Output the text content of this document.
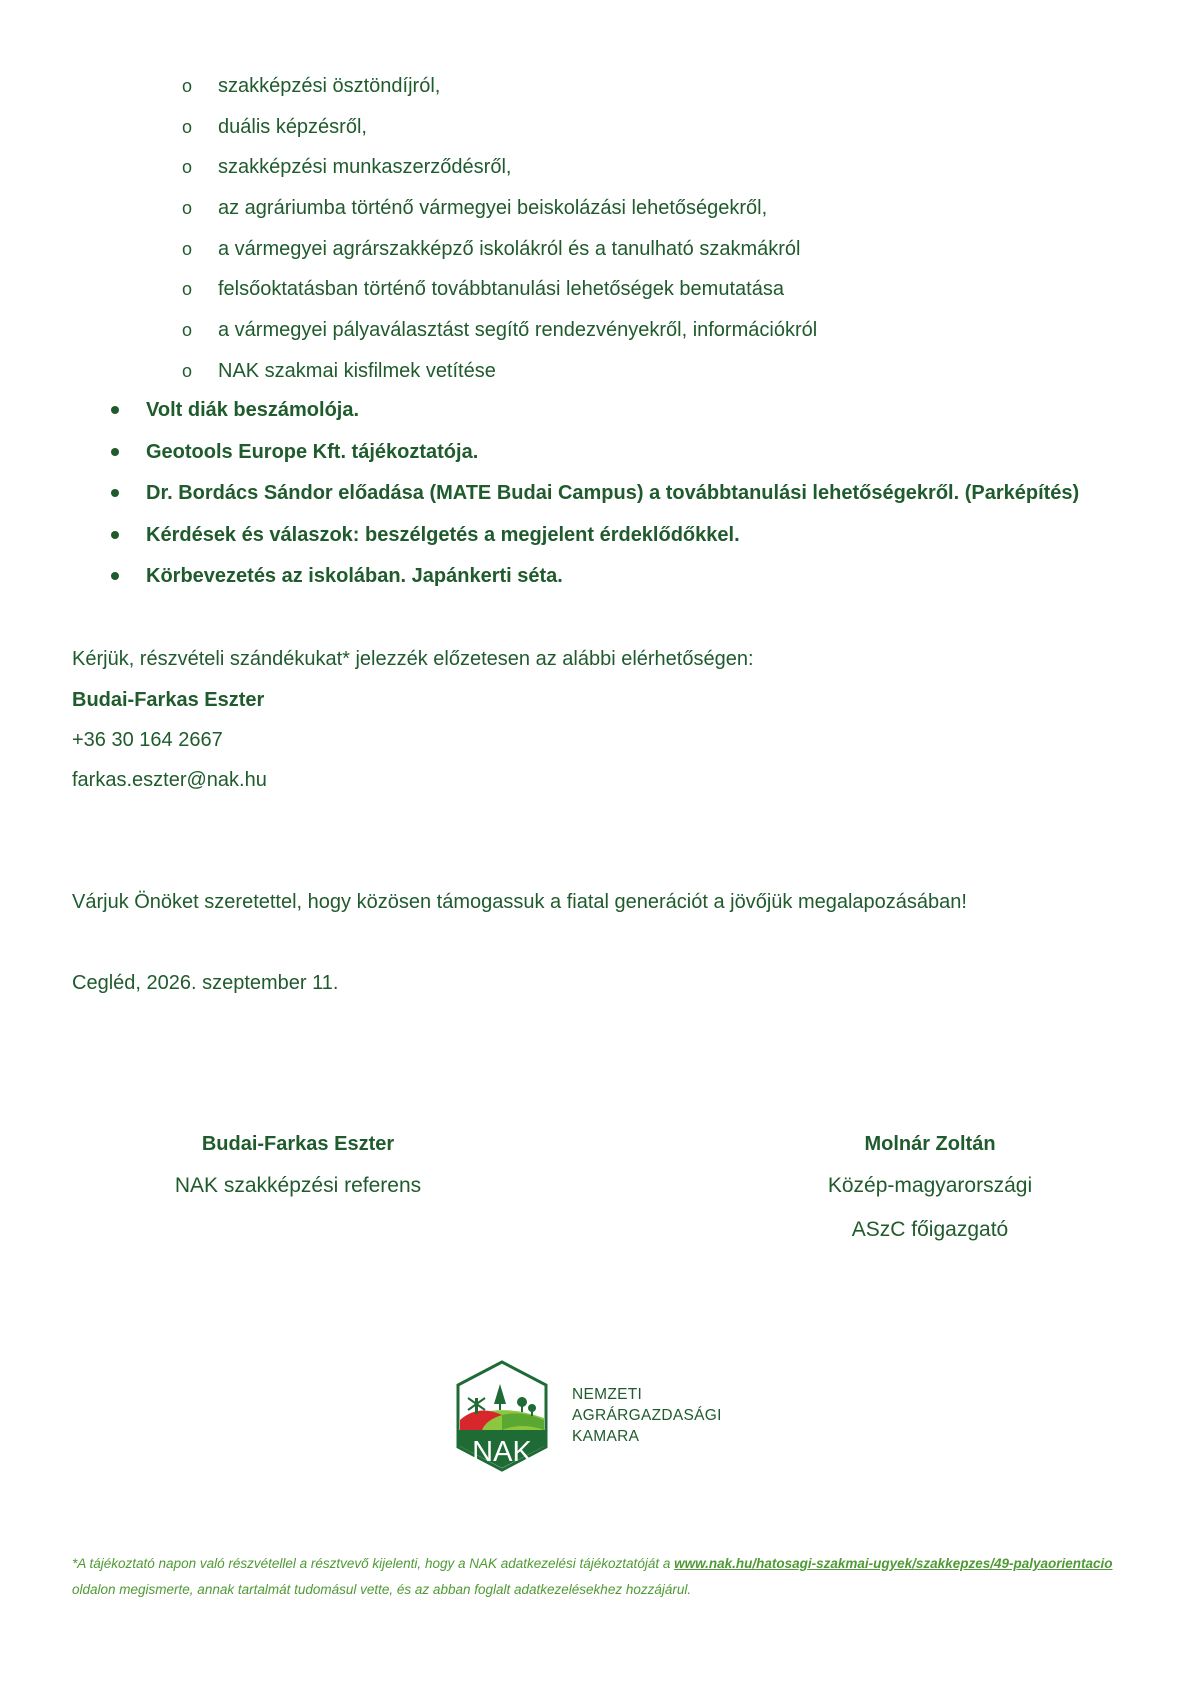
o szakképzési ösztöndíjról,
o duális képzésről,
o szakképzési munkaszerződésről,
o az agráriumba történő vármegyei beiskolázási lehetőségekről,
o a vármegyei agrárszakképző iskolákról és a tanulható szakmákról
o felsőoktatásban történő továbbtanulási lehetőségek bemutatása
o a vármegyei pályaválasztást segítő rendezvényekről, információkról
o NAK szakmai kisfilmek vetítése
Volt diák beszámolója.
Geotools Europe Kft. tájékoztatója.
Dr. Bordács Sándor előadása (MATE Budai Campus) a továbbtanulási lehetőségekről. (Parképítés)
Kérdések és válaszok: beszélgetés a megjelent érdeklődőkkel.
Körbevezetés az iskolában. Japánkerti séta.
Kérjük, részvételi szándékukat* jelezzék előzetesen az alábbi elérhetőségen:
Budai-Farkas Eszter
+36 30 164 2667
farkas.eszter@nak.hu
Várjuk Önöket szeretettel, hogy közösen támogassuk a fiatal generációt a jövőjük megalapozásában!
Cegléd, 2026. szeptember 11.
Budai-Farkas Eszter
NAK szakképzési referens
Molnár Zoltán
Közép-magyarországi
ASzC főigazgató
NAK
NEMZETI
AGRÁRGAZDASÁGI
KAMARA
*A tájékoztató napon való részvétellel a résztvevő kijelenti, hogy a NAK adatkezelési tájékoztatóját a www.nak.hu/hatosagi-szakmai-ugyek/szakkepzes/49-palyaorientacio oldalon megismerte, annak tartalmát tudomásul vette, és az abban foglalt adatkezelésekhez hozzájárul.
